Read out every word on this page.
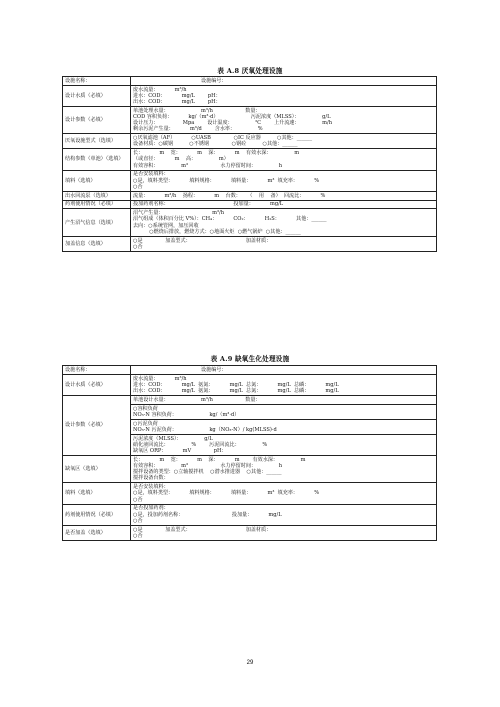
表 A.8 厌氧处理设施
设施名称：	设施编号：
设计水质（必填）	废水流量：          m³/h
进水：COD：          mg/L        pH：
出水：COD：          mg/L        pH：

设计参数（必填）	单池处理水量：                    m³/h                    数量：
COD 容积负荷：          kg/（m³·d）                    污泥浓度（MLSS）：              g/L
设计压力：               Mpa        设计温度：              ℃        上升流速：              m/h
剩余污泥产生量：          m³/d        含水率：              %

厌氧设施型式（选填）	○厌氧滤池（AF）          ○UASB              ○IC 反应器          ○其他：______
设备材质：○碳钢          ○不锈钢              ○钢砼          ○其他：______

结构参数（单池）（选填）	长：          m    宽：          m    深：          m    有效水深：              m
（或直径：          m    高：              m）
有效容积：              m³                    水力停留时间：              h

填料（选填）	是否安装填料：
○是，填料类型：          填料规格：          填料量：          m³  填充率：          %
○否

出水回流泵（选填）	流量：          m³/h    扬程：          m    台数：    （    用    备）  回流比：          %

药剂使用情况（必填）	投加药剂名称：                                        投加量：          mg/L

产生沼气信息（选填）	沼气产生量：                              m³/h
沼气组成（体积百分比 V%）：CH₄：          CO₂：          H₂S：          其他：______
去向：○系统管网，加压回收
○燃烧后排放，燃烧方式：○地面火炬  ○燃气锅炉  ○其他：______

加盖信息（选填）	○是              加盖型式：                                  加盖材质：
○否
表 A.9 缺氧生化处理设施
设施名称：	设施编号：
设计水质（必填）	废水流量：          m³/h
进水：COD：          mg/L  氨氮：          mg/L  总氮：          mg/L  总磷：          mg/L
出水：COD：          mg/L  氨氮：          mg/L  总氮：          mg/L  总磷：          mg/L

设计参数（必填）	单池设计水量：                    m³/h                    数量：

	○容积负荷
NO₃-N 容积负荷：                    kg/（m³·d）

	○污泥负荷
NO₃-N 污泥负荷：                    kg（NO₃-N）/ kg(MLSS)·d

	污泥浓度（MLSS）：              g/L
硝化液回流比：              %        污泥回流比：              %
缺氧区 ORP：          mV              pH：

缺氧区（选填）	长：          m    宽：          m    深：          m        有效水深：              m
有效容积：              m³                    水力停留时间：              h
搅拌设备的类型：○立轴搅拌机    ○潜水推进器    ○其他：______
搅拌设备台数：

填料（选填）	是否安装填料：
○是，填料类型：          填料规格：          填料量：          m³  填充率：          %
○否

药剂使用情况（必填）	是否投加药剂：
○是，投加药剂名称：                              投加量：          mg/L
○否

是否加盖（选填）	○是              加盖型式：                                  加盖材质：
○否
29
